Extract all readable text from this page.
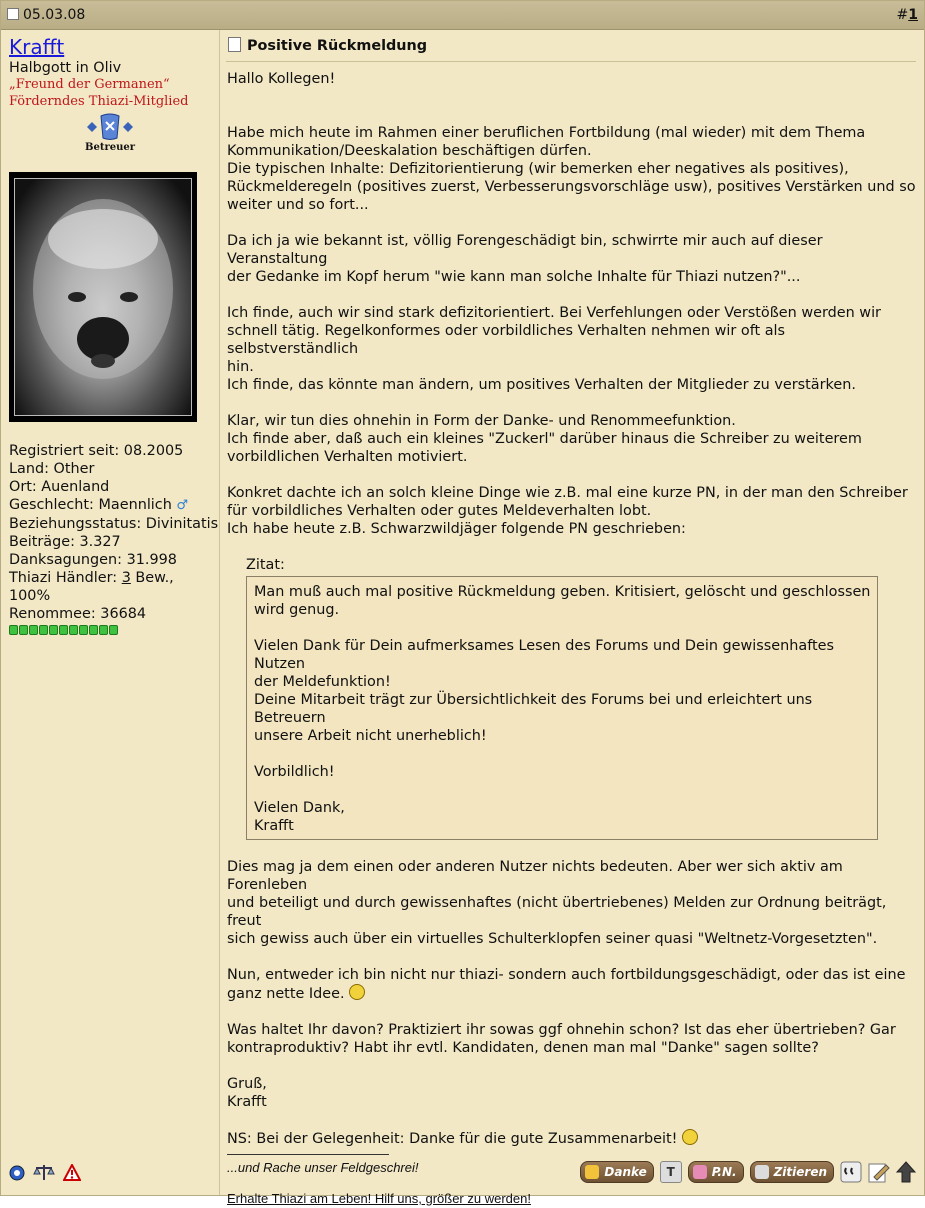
05.03.08	#1
Krafft
Halbgott in Oliv
„Freund der Germanen“
Förderndes Thiazi-Mitglied
Betreuer
Registriert seit: 08.2005
Land: Other
Ort: Auenland
Geschlecht: Maennlich ♂
Beziehungsstatus: Divinitatis
Beiträge: 3.327
Danksagungen: 31.998
Thiazi Händler: 3 Bew.,
100%
Renommee: 36684
Positive Rückmeldung

Hallo Kollegen!

Habe mich heute im Rahmen einer beruflichen Fortbildung (mal wieder) mit dem Thema
Kommunikation/Deeskalation beschäftigen dürfen.
Die typischen Inhalte: Defizitorientierung (wir bemerken eher negatives als positives),
Rückmelderegeln (positives zuerst, Verbesserungsvorschläge usw), positives Verstärken und so
weiter und so fort...

Da ich ja wie bekannt ist, völlig Forengeschädigt bin, schwirrte mir auch auf dieser Veranstaltung
der Gedanke im Kopf herum "wie kann man solche Inhalte für Thiazi nutzen?"...

Ich finde, auch wir sind stark defizitorientiert. Bei Verfehlungen oder Verstößen werden wir
schnell tätig. Regelkonformes oder vorbildliches Verhalten nehmen wir oft als selbstverständlich
hin.
Ich finde, das könnte man ändern, um positives Verhalten der Mitglieder zu verstärken.

Klar, wir tun dies ohnehin in Form der Danke- und Renommeefunktion.
Ich finde aber, daß auch ein kleines "Zuckerl" darüber hinaus die Schreiber zu weiterem
vorbildlichen Verhalten motiviert.

Konkret dachte ich an solch kleine Dinge wie z.B. mal eine kurze PN, in der man den Schreiber
für vorbildliches Verhalten oder gutes Meldeverhalten lobt.
Ich habe heute z.B. Schwarzwildjäger folgende PN geschrieben:

Zitat:

Man muß auch mal positive Rückmeldung geben. Kritisiert, gelöscht und geschlossen
wird genug.

Vielen Dank für Dein aufmerksames Lesen des Forums und Dein gewissenhaftes Nutzen
der Meldefunktion!
Deine Mitarbeit trägt zur Übersichtlichkeit des Forums bei und erleichtert uns Betreuern
unsere Arbeit nicht unerheblich!

Vorbildlich!

Vielen Dank,
Krafft

Dies mag ja dem einen oder anderen Nutzer nichts bedeuten. Aber wer sich aktiv am Forenleben
und beteiligt und durch gewissenhaftes (nicht übertriebenes) Melden zur Ordnung beiträgt, freut
sich gewiss auch über ein virtuelles Schulterklopfen seiner quasi "Weltnetz-Vorgesetzten".

Nun, entweder ich bin nicht nur thiazi- sondern auch fortbildungsgeschädigt, oder das ist eine
ganz nette Idee.

Was haltet Ihr davon? Praktiziert ihr sowas ggf ohnehin schon? Ist das eher übertrieben? Gar
kontraproduktiv? Habt ihr evtl. Kandidaten, denen man mal "Danke" sagen sollte?

Gruß,
Krafft

NS: Bei der Gelegenheit: Danke für die gute Zusammenarbeit!

...und Rache unser Feldgeschrei!
Erhalte Thiazi am Leben! Hilf uns, größer zu werden!
Danke	T	P.N.	Zitieren
